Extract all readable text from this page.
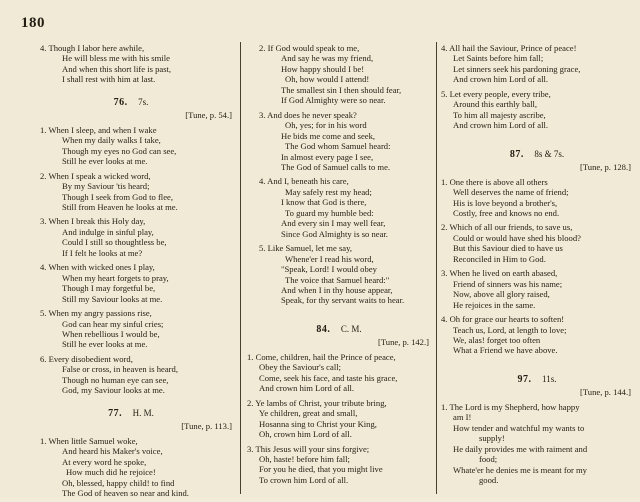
180
4. Though I labor here awhile,
He will bless me with his smile
And when this short life is past,
I shall rest with him at last.
76.  7s.
[Tune, p. 54.]
1. When I sleep, and when I wake
When my daily walks I take,
Though my eyes no God can see,
Still he ever looks at me.
2. When I speak a wicked word,
By my Saviour 'tis heard;
Though I seek from God to flee,
Still from Heaven he looks at me.
3. When I break this Holy day,
And indulge in sinful play,
Could I still so thoughtless be,
If I felt he looks at me?
4. When with wicked ones I play,
When my heart forgets to pray,
Though I may forgetful be,
Still my Saviour looks at me.
5. When my angry passions rise,
God can hear my sinful cries;
When rebellious I would be,
Still he ever looks at me.
6. Every disobedient word,
False or cross, in heaven is heard,
Though no human eye can see,
God, my Saviour looks at me.
77.  H. M.
[Tune, p. 113.]
1. When little Samuel woke,
And heard his Maker's voice,
At every word he spoke,
How much did he rejoice!
Oh, blessed, happy child! to find
The God of heaven so near and kind.
2. If God would speak to me,
And say he was my friend,
How happy should I be!
Oh, how would I attend!
The smallest sin I then should fear,
If God Almighty were so near.
3. And does he never speak?
Oh, yes; for in his word
He bids me come and seek,
The God whom Samuel heard:
In almost every page I see,
The God of Samuel calls to me.
4. And I, beneath his care,
May safely rest my head;
I know that God is there,
To guard my humble bed:
And every sin I may well fear,
Since God Almighty is so near.
5. Like Samuel, let me say,
Whene'er I read his word,
"Speak, Lord! I would obey
The voice that Samuel heard:"
And when I in thy house appear,
Speak, for thy servant waits to hear.
84.  C. M.
[Tune, p. 142.]
1. Come, children, hail the Prince of peace,
Obey the Saviour's call;
Come, seek his face, and taste his grace,
And crown him Lord of all.
2. Ye lambs of Christ, your tribute bring,
Ye children, great and small,
Hosanna sing to Christ your King,
Oh, crown him Lord of all.
3. This Jesus will your sins forgive;
Oh, haste! before him fall;
For you he died, that you might live
To crown him Lord of all.
4. All hail the Saviour, Prince of peace!
Let Saints before him fall;
Let sinners seek his pardoning grace,
And crown him Lord of all.
5. Let every people, every tribe,
Around this earthly ball,
To him all majesty ascribe,
And crown him Lord of all.
87.  8s & 7s.
[Tune, p. 128.]
1. One there is above all others
Well deserves the name of friend;
His is love beyond a brother's,
Costly, free and knows no end.
2. Which of all our friends, to save us,
Could or would have shed his blood?
But this Saviour died to have us
Reconciled in Him to God.
3. When he lived on earth abased,
Friend of sinners was his name;
Now, above all glory raised,
He rejoices in the same.
4. Oh for grace our hearts to soften!
Teach us, Lord, at length to love;
We, alas! forget too often
What a Friend we have above.
97.  11s.
[Tune, p. 144.]
1. The Lord is my Shepherd, how happy
am I!
How tender and watchful my wants to
supply!
He daily provides me with raiment and
food;
Whate'er he denies me is meant for my
good.
